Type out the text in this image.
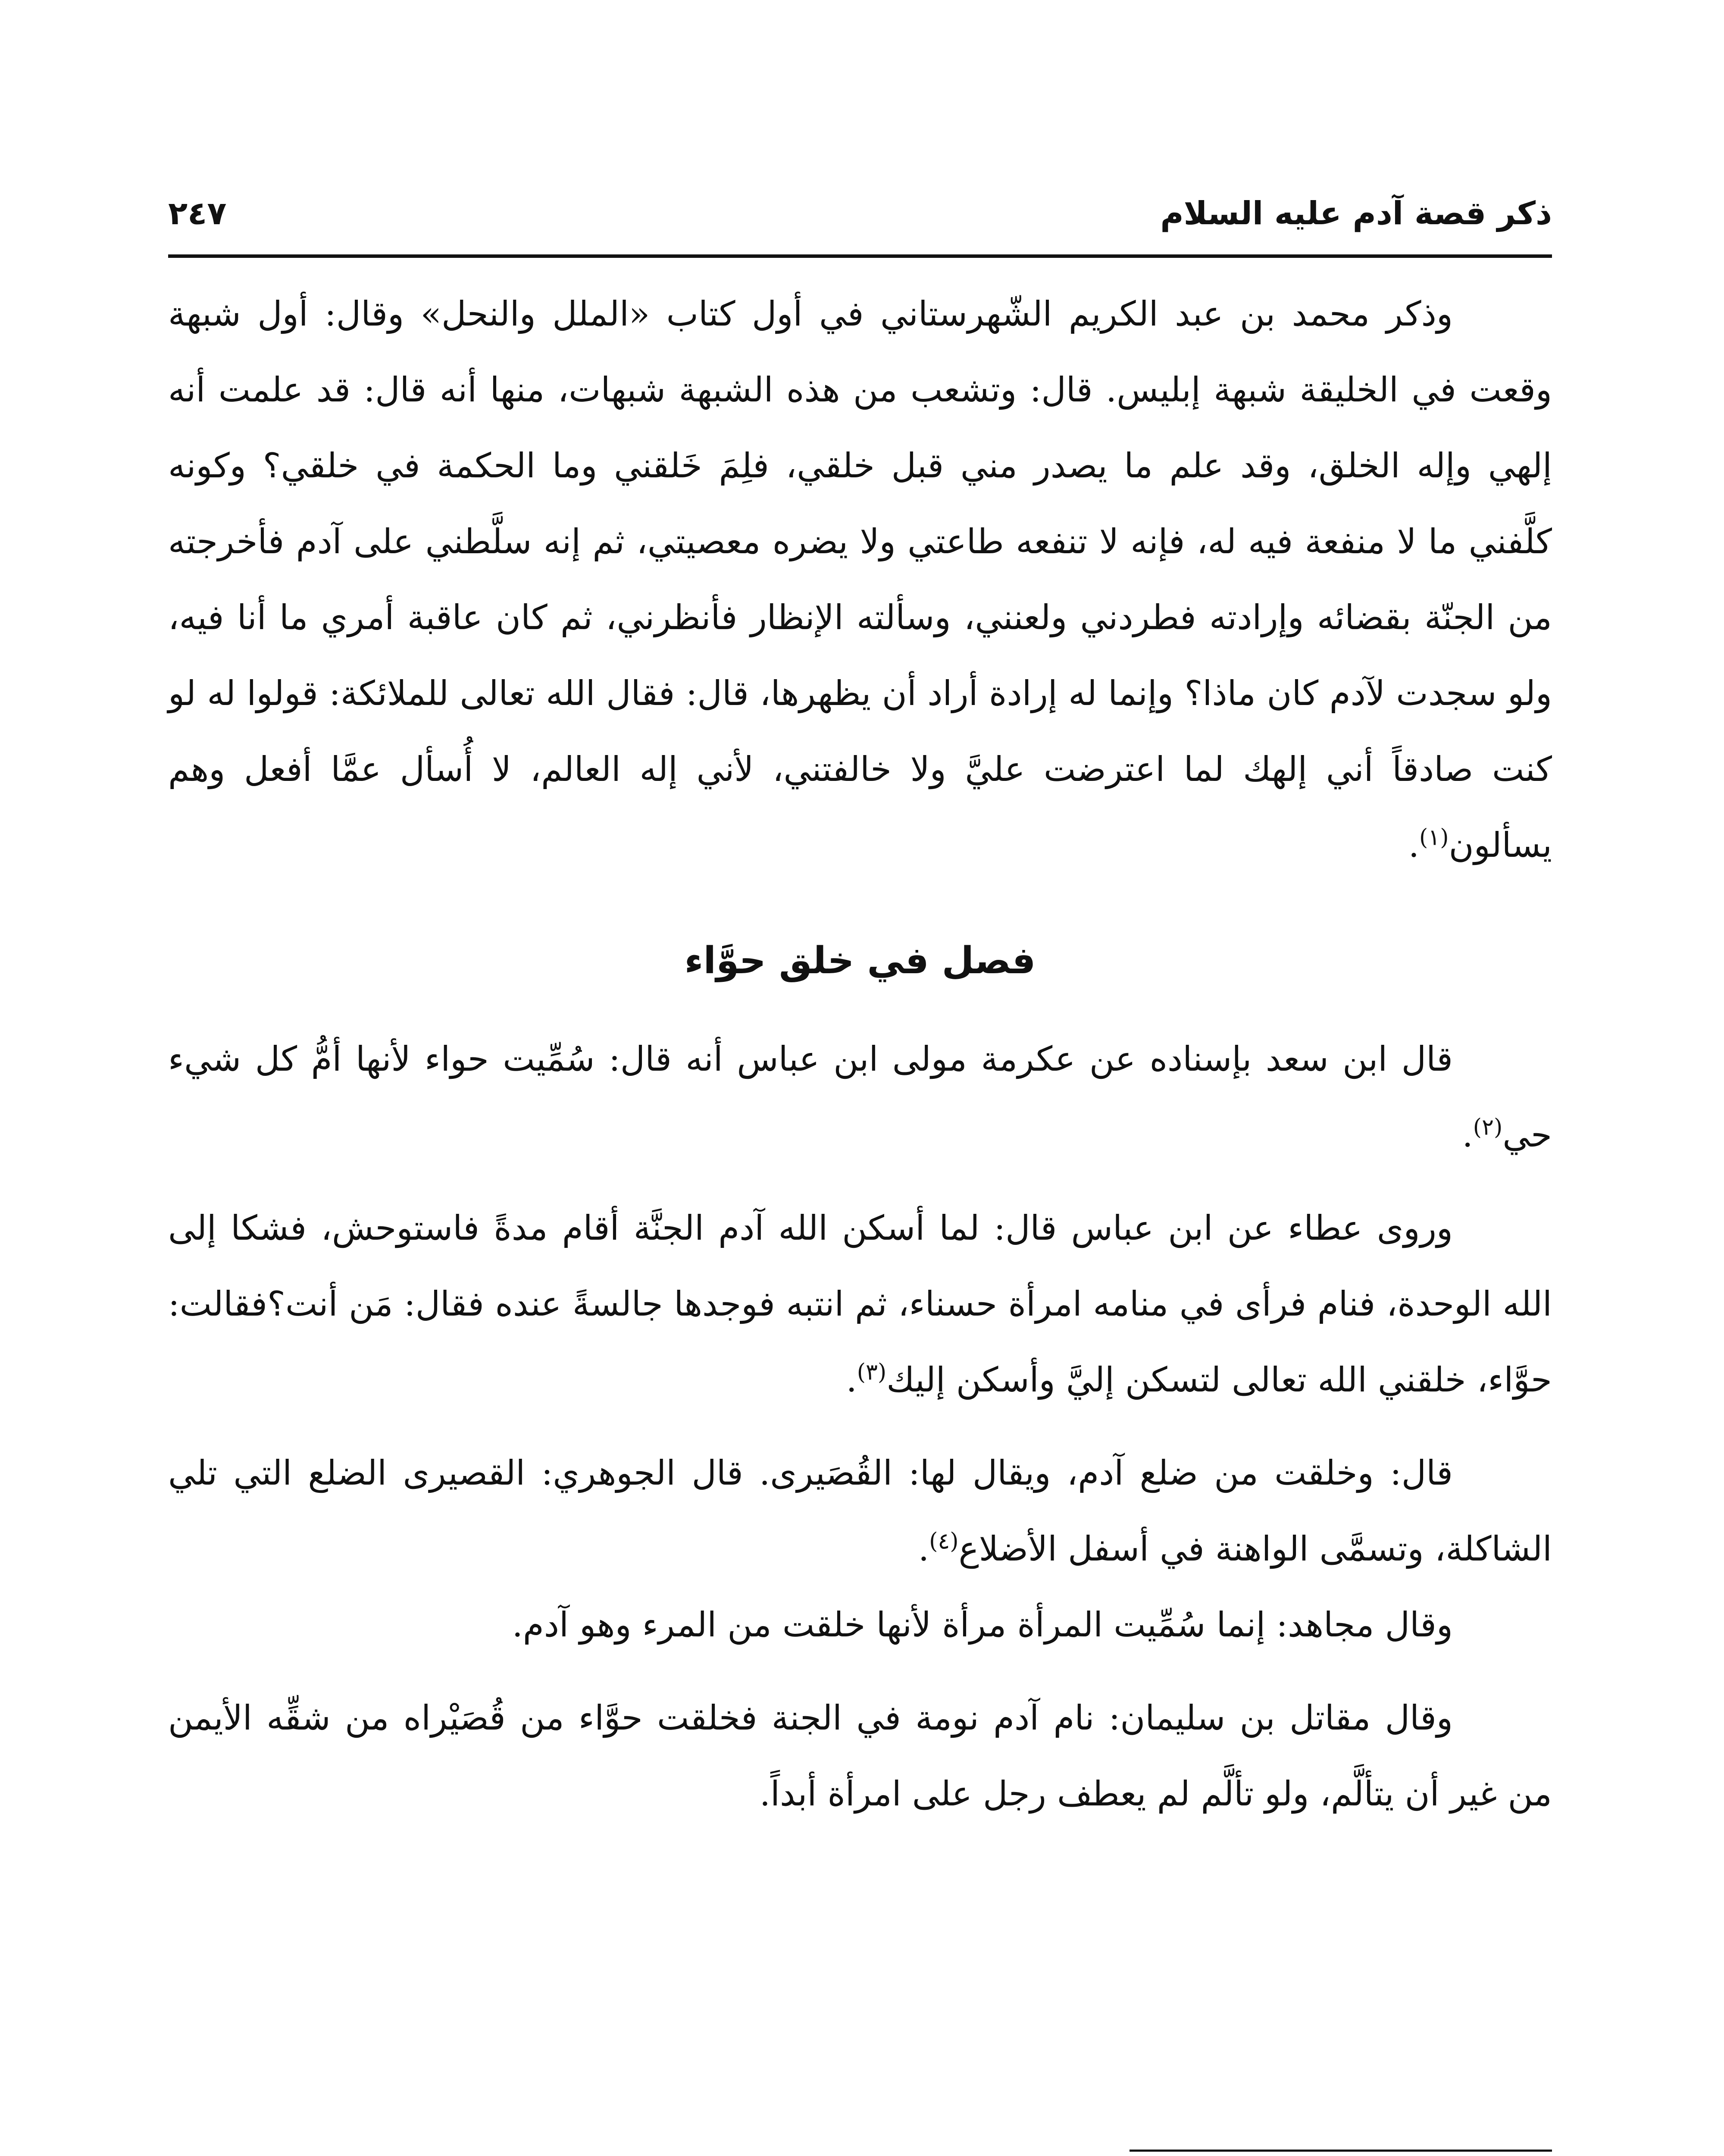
ذكر قصة آدم عليه السلام
٢٤٧

وذكر محمد بن عبد الكريم الشّهرستاني في أول كتاب «الملل والنحل» وقال: أول شبهة وقعت في الخليقة شبهة إبليس. قال: وتشعب من هذه الشبهة شبهات، منها أنه قال: قد علمت أنه إلهي وإله الخلق، وقد علم ما يصدر مني قبل خلقي، فلِمَ خَلقني وما الحكمة في خلقي؟ وكونه كلَّفني ما لا منفعة فيه له، فإنه لا تنفعه طاعتي ولا يضره معصيتي، ثم إنه سلَّطني على آدم فأخرجته من الجنّة بقضائه وإرادته فطردني ولعنني، وسألته الإنظار فأنظرني، ثم كان عاقبة أمري ما أنا فيه، ولو سجدت لآدم كان ماذا؟ وإنما له إرادة أراد أن يظهرها، قال: فقال الله تعالى للملائكة: قولوا له لو كنت صادقاً أني إلهك لما اعترضت عليَّ ولا خالفتني، لأني إله العالم، لا أُسأل عمَّا أفعل وهم يسألون$^{(١)}$.

فصل في خلق حوَّاء

قال ابن سعد بإسناده عن عكرمة مولى ابن عباس أنه قال: سُمِّيت حواء لأنها أمُّ كل شيء حي$^{(٢)}$.

وروى عطاء عن ابن عباس قال: لما أسكن الله آدم الجنَّة أقام مدةً فاستوحش، فشكا إلى الله الوحدة، فنام فرأى في منامه امرأة حسناء، ثم انتبه فوجدها جالسةً عنده فقال: مَن أنت؟فقالت: حوَّاء، خلقني الله تعالى لتسكن إليَّ وأسكن إليك$^{(٣)}$.

قال: وخلقت من ضلع آدم، ويقال لها: القُصَيرى. قال الجوهري: القصيرى الضلع التي تلي الشاكلة، وتسمَّى الواهنة في أسفل الأضلاع$^{(٤)}$.

وقال مجاهد: إنما سُمِّيت المرأة مرأة لأنها خلقت من المرء وهو آدم.

وقال مقاتل بن سليمان: نام آدم نومة في الجنة فخلقت حوَّاء من قُصَيْراه من شقِّه الأيمن من غير أن يتألَّم، ولو تألَّم لم يعطف رجل على امرأة أبداً.
